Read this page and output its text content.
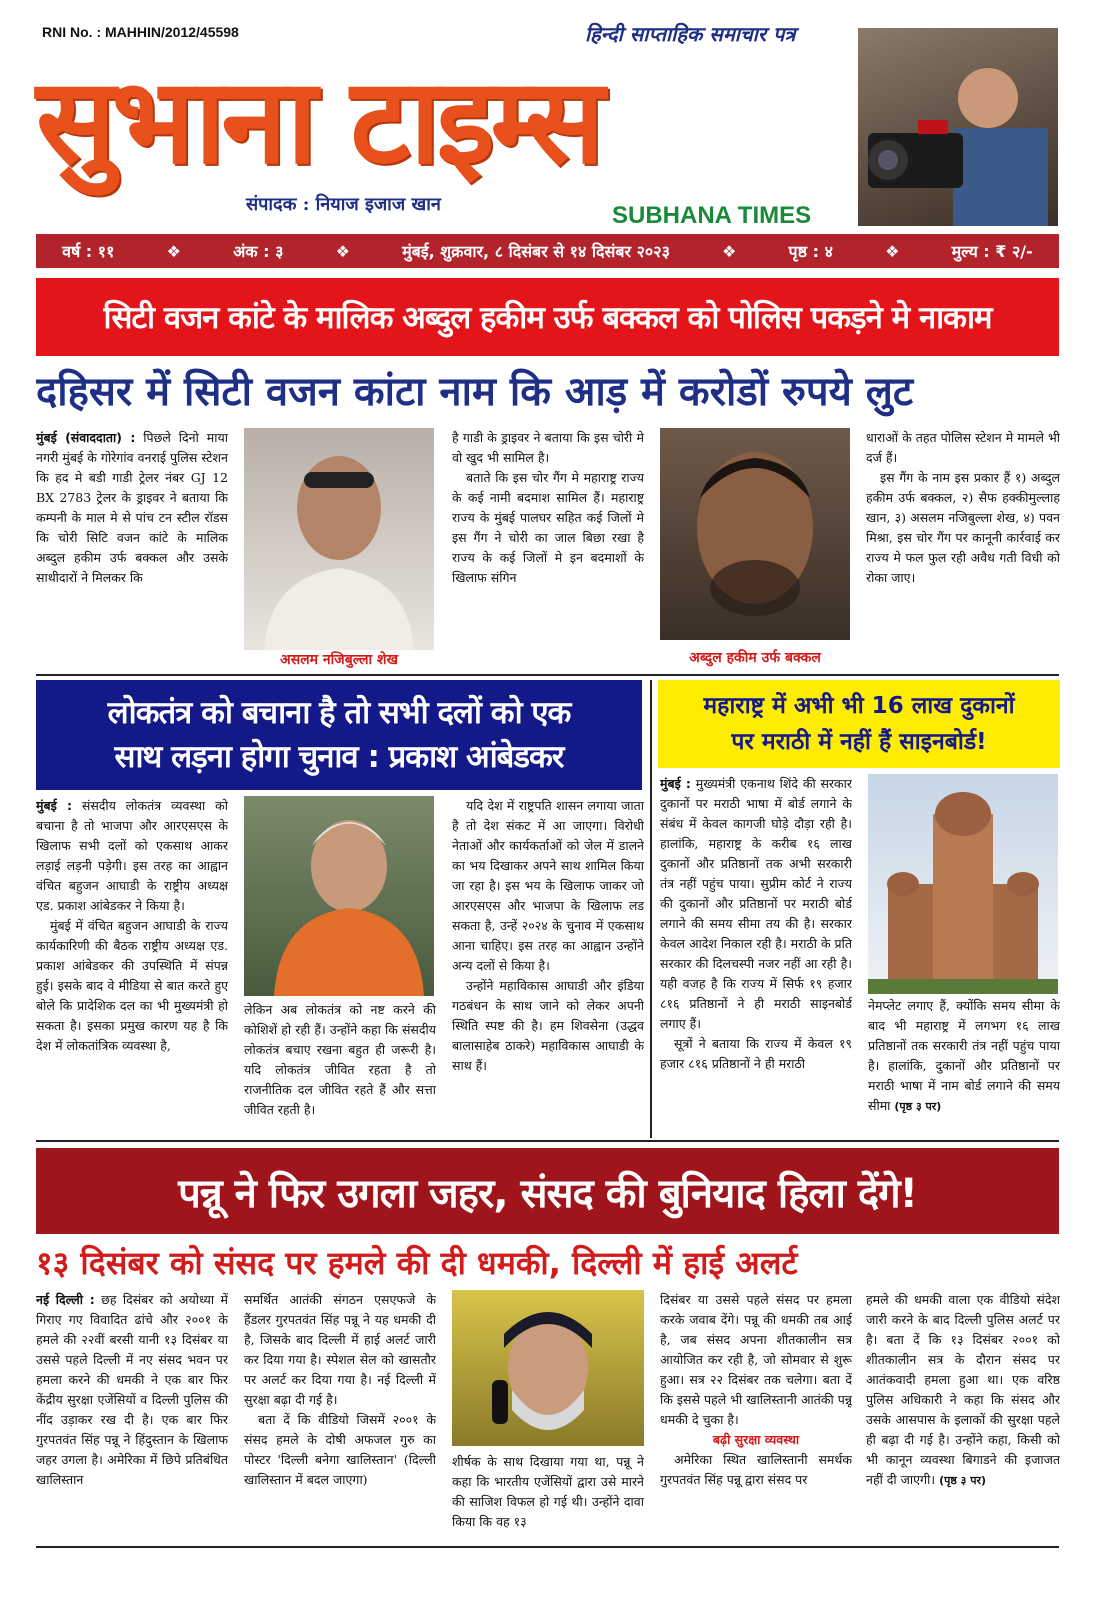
RNI No. : MAHHIN/2012/45598	हिन्दी साप्ताहिक समाचार पत्र
सुभाना टाइम्स
संपादक : नियाज इजाज खान	SUBHANA TIMES
वर्ष : ११	❖	अंक : ३	❖	मुंबई, शुक्रवार, ८ दिसंबर से १४ दिसंबर २०२३	❖	पृष्ठ : ४	❖	मुल्य : ₹ २/-
सिटी वजन कांटे के मालिक अब्दुल हकीम उर्फ बक्कल को पोलिस पकड़ने मे नाकाम
दहिसर में सिटी वजन कांटा नाम कि आड़ में करोडों रुपये लुट
मुंबई (संवाददाता) : पिछले दिनो माया नगरी मुंबई के गोरेगांव वनराई पुलिस स्टेशन कि हद मे बडी गाडी ट्रेलर नंबर GJ 12 BX 2783 ट्रेलर के ड्राइवर ने बताया कि कम्पनी के माल मे से पांच टन स्टील रॉडस कि चोरी सिटि वजन कांटे के मालिक अब्दुल हकीम उर्फ बक्कल और उसके साथीदारों ने मिलकर कि
असलम नजिबुल्ला शेख
है गाडी के ड्राइवर ने बताया कि इस चोरी मे वो खुद भी सामिल है।
बताते कि इस चोर गैंग मे महाराष्ट्र राज्य के कई नामी बदमाश सामिल हैं। महाराष्ट्र राज्य के मुंबई पालघर सहित कई जिलों मे इस गैंग ने चोरी का जाल बिछा रखा है राज्य के कई जिलों मे इन बदमाशों के खिलाफ संगिन
अब्दुल हकीम उर्फ बक्कल
धाराओं के तहत पोलिस स्टेशन मे मामले भी दर्ज हैं।
इस गैंग के नाम इस प्रकार हैं १) अब्दुल हकीम उर्फ बक्कल, २) सैफ हक्कीमुल्लाह खान, ३) असलम नजिबुल्ला शेख, ४) पवन मिश्रा, इस चोर गैंग पर कानूनी कार्रवाई कर राज्य मे फल फुल रही अवैध गती विधी को रोका जाए।
लोकतंत्र को बचाना है तो सभी दलों को एक
साथ लड़ना होगा चुनाव : प्रकाश आंबेडकर
मुंबई : संसदीय लोकतंत्र व्यवस्था को बचाना है तो भाजपा और आरएसएस के खिलाफ सभी दलों को एकसाथ आकर लड़ाई लड़नी पड़ेगी। इस तरह का आह्वान वंचित बहुजन आघाडी के राष्ट्रीय अध्यक्ष एड. प्रकाश आंबेडकर ने किया है।
मुंबई में वंचित बहुजन आघाडी के राज्य कार्यकारिणी की बैठक राष्ट्रीय अध्यक्ष एड. प्रकाश आंबेडकर की उपस्थिति में संपन्न हुई। इसके बाद वे मीडिया से बात करते हुए बोले कि प्रादेशिक दल का भी मुख्यमंत्री हो सकता है। इसका प्रमुख कारण यह है कि देश में लोकतांत्रिक व्यवस्था है,
लेकिन अब लोकतंत्र को नष्ट करने की कोशिशें हो रही हैं। उन्होंने कहा कि संसदीय लोकतंत्र बचाए रखना बहुत ही जरूरी है। यदि लोकतंत्र जीवित रहता है तो राजनीतिक दल जीवित रहते हैं और सत्ता जीवित रहती है।
यदि देश में राष्ट्रपति शासन लगाया जाता है तो देश संकट में आ जाएगा। विरोधी नेताओं और कार्यकर्ताओं को जेल में डालने का भय दिखाकर अपने साथ शामिल किया जा रहा है। इस भय के खिलाफ जाकर जो आरएसएस और भाजपा के खिलाफ लड सकता है, उन्हें २०२४ के चुनाव में एकसाथ आना चाहिए। इस तरह का आह्वान उन्होंने अन्य दलों से किया है।
उन्होंने महाविकास आघाडी और इंडिया गठबंधन के साथ जाने को लेकर अपनी स्थिति स्पष्ट की है। हम शिवसेना (उद्धव बालासाहेब ठाकरे) महाविकास आघाडी के साथ हैं।
महाराष्ट्र में अभी भी 16 लाख दुकानों
पर मराठी में नहीं हैं साइनबोर्ड!
मुंबई : मुख्यमंत्री एकनाथ शिंदे की सरकार दुकानों पर मराठी भाषा में बोर्ड लगाने के संबंध में केवल कागजी घोड़े दौड़ा रही है। हालांकि, महाराष्ट्र के करीब १६ लाख दुकानों और प्रतिष्ठानों तक अभी सरकारी तंत्र नहीं पहुंच पाया। सुप्रीम कोर्ट ने राज्य की दुकानों और प्रतिष्ठानों पर मराठी बोर्ड लगाने की समय सीमा तय की है। सरकार केवल आदेश निकाल रही है। मराठी के प्रति सरकार की दिलचस्पी नजर नहीं आ रही है। यही वजह है कि राज्य में सिर्फ १९ हजार ८१६ प्रतिष्ठानों ने ही मराठी साइनबोर्ड लगाए हैं।
सूत्रों ने बताया कि राज्य में केवल १९ हजार ८१६ प्रतिष्ठानों ने ही मराठी
नेमप्लेट लगाए हैं, क्योंकि समय सीमा के बाद भी महाराष्ट्र में लगभग १६ लाख प्रतिष्ठानों तक सरकारी तंत्र नहीं पहुंच पाया है। हालांकि, दुकानों और प्रतिष्ठानों पर मराठी भाषा में नाम बोर्ड लगाने की समय सीमा (पृष्ठ ३ पर)
पन्नू ने फिर उगला जहर, संसद की बुनियाद हिला देंगे!
१३ दिसंबर को संसद पर हमले की दी धमकी, दिल्ली में हाई अलर्ट
नई दिल्ली : छह दिसंबर को अयोध्या में गिराए गए विवादित ढांचे और २००१ के हमले की २२वीं बरसी यानी १३ दिसंबर या उससे पहले दिल्ली में नए संसद भवन पर हमला करने की धमकी ने एक बार फिर केंद्रीय सुरक्षा एजेंसियों व दिल्ली पुलिस की नींद उड़ाकर रख दी है। एक बार फिर गुरपतवंत सिंह पन्नू ने हिंदुस्तान के खिलाफ जहर उगला है। अमेरिका में छिपे प्रतिबंधित खालिस्तान
समर्थित आतंकी संगठन एसएफजे के हैंडलर गुरपतवंत सिंह पन्नू ने यह धमकी दी है, जिसके बाद दिल्ली में हाई अलर्ट जारी कर दिया गया है। स्पेशल सेल को खासतौर पर अलर्ट कर दिया गया है। नई दिल्ली में सुरक्षा बढ़ा दी गई है।
बता दें कि वीडियो जिसमें २००१ के संसद हमले के दोषी अफजल गुरु का पोस्टर 'दिल्ली बनेगा खालिस्तान' (दिल्ली खालिस्तान में बदल जाएगा)
शीर्षक के साथ दिखाया गया था, पन्नू ने कहा कि भारतीय एजेंसियों द्वारा उसे मारने की साजिश विफल हो गई थी। उन्होंने दावा किया कि वह १३
दिसंबर या उससे पहले संसद पर हमला करके जवाब देंगे। पन्नू की धमकी तब आई है, जब संसद अपना शीतकालीन सत्र आयोजित कर रही है, जो सोमवार से शुरू हुआ। सत्र २२ दिसंबर तक चलेगा। बता दें कि इससे पहले भी खालिस्तानी आतंकी पन्नू धमकी दे चुका है।
बढ़ी सुरक्षा व्यवस्था
अमेरिका स्थित खालिस्तानी समर्थक गुरपतवंत सिंह पन्नू द्वारा संसद पर
हमले की धमकी वाला एक वीडियो संदेश जारी करने के बाद दिल्ली पुलिस अलर्ट पर है। बता दें कि १३ दिसंबर २००१ को शीतकालीन सत्र के दौरान संसद पर आतंकवादी हमला हुआ था। एक वरिष्ठ पुलिस अधिकारी ने कहा कि संसद और उसके आसपास के इलाकों की सुरक्षा पहले ही बढ़ा दी गई है। उन्होंने कहा, किसी को भी कानून व्यवस्था बिगाडने की इजाजत नहीं दी जाएगी। (पृष्ठ ३ पर)
